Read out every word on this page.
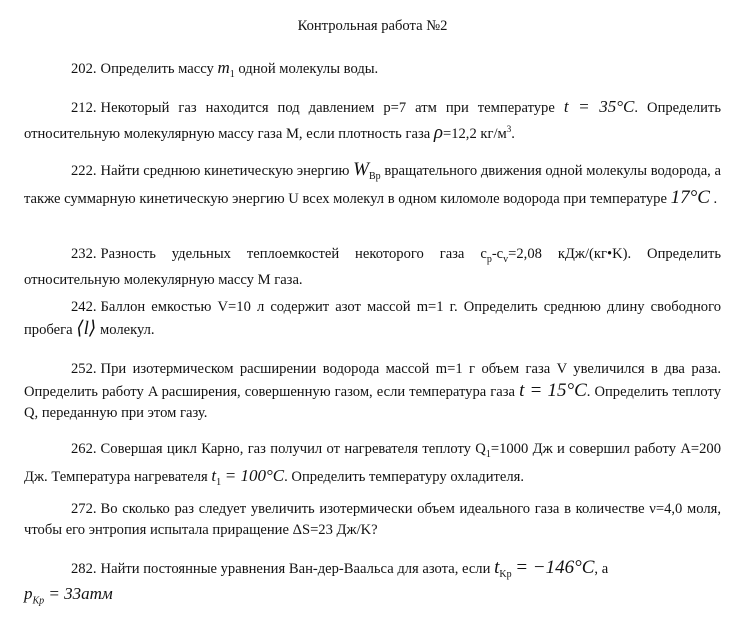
Контрольная работа №2

202. Определить массу $m_1$ одной молекулы воды.

212. Некоторый газ находится под давлением p=7 атм при температуре t = 35°C. Определить относительную молекулярную массу газа M, если плотность газа ρ=12,2 $кг/м^3$.

222. Найти среднюю кинетическую энергию $W_{Bp}$ вращательного движения одной молекулы водорода, а также суммарную кинетическую энергию U всех молекул в одном киломоле водорода при температуре 17°C .

232. Разность удельных теплоемкостей некоторого газа $c_p-c_v=2,08$ кДж/(кг•K). Определить относительную молекулярную массу M газа.

242. Баллон емкостью V=10 л содержит азот массой m=1 г. Определить среднюю длину свободного пробега ⟨l⟩ молекул.

252. При изотермическом расширении водорода массой m=1 г объем газа V увеличился в два раза. Определить работу A расширения, совершенную газом, если температура газа t = 15°C. Определить теплоту Q, переданную при этом газу.

262. Совершая цикл Карно, газ получил от нагревателя теплоту $Q_1=1000$ Дж и совершил работу A=200 Дж. Температура нагревателя $t_1 = 100^\circ C$. Определить температуру охладителя.

272. Во сколько раз следует увеличить изотермически объем идеального газа в количестве ν=4,0 моля, чтобы его энтропия испытала приращение ΔS=23 Дж/K?

282. Найти постоянные уравнения Ван-дер-Ваальса для азота, если $t_{Kp} = -146^\circ C$, а

$p_{Kp} = 33атм$
